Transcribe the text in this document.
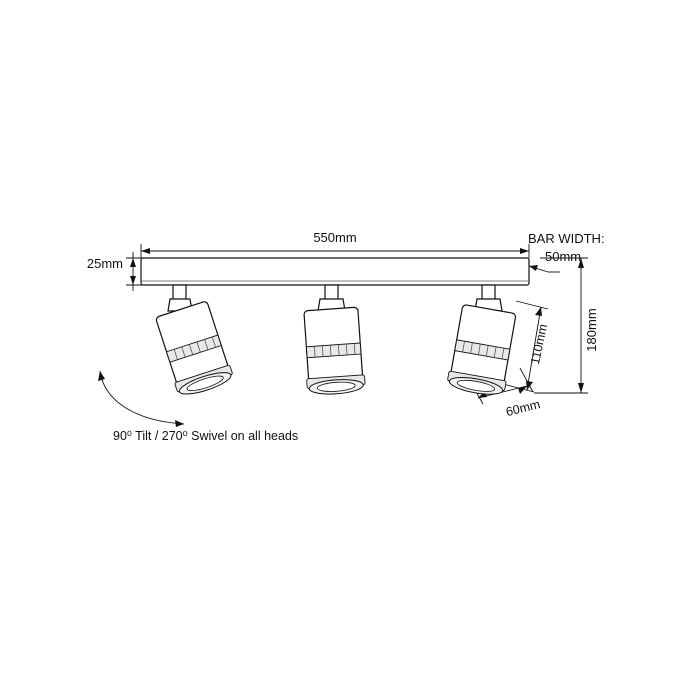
550mm
25mm
BAR WIDTH:
50mm
180mm
110mm
60mm
90⁰ Tilt / 270⁰ Swivel on all heads
